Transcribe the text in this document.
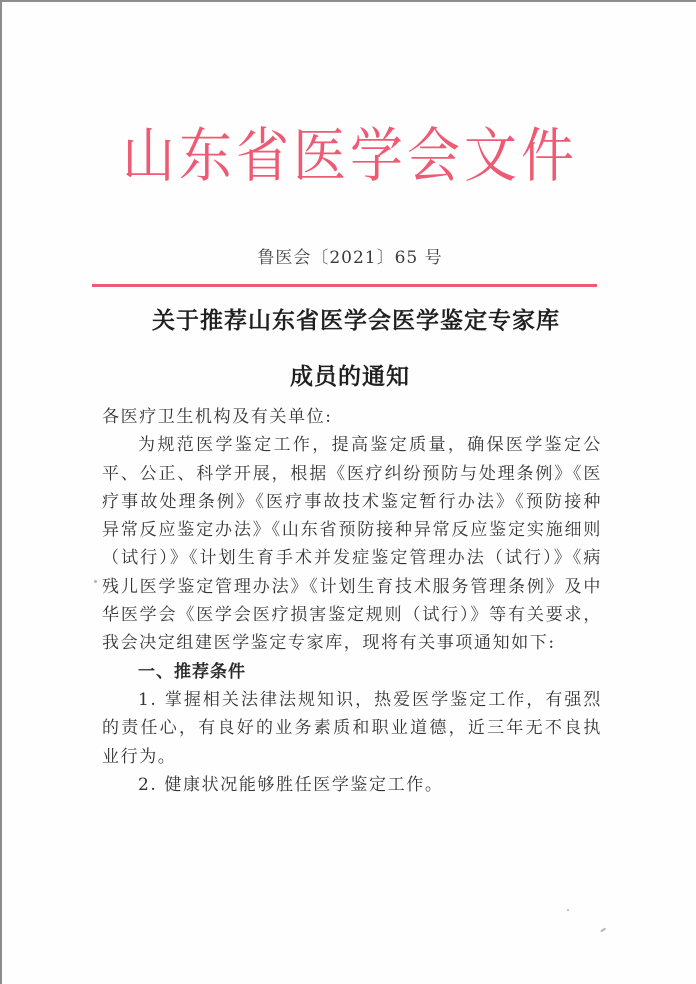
山东省医学会文件
鲁医会〔2021〕65 号
关于推荐山东省医学会医学鉴定专家库
成员的通知

各医疗卫生机构及有关单位:

为规范医学鉴定工作，提高鉴定质量，确保医学鉴定公平、公正、科学开展，根据《医疗纠纷预防与处理条例》《医疗事故处理条例》《医疗事故技术鉴定暂行办法》《预防接种异常反应鉴定办法》《山东省预防接种异常反应鉴定实施细则（试行）》《计划生育手术并发症鉴定管理办法（试行）》《病残儿医学鉴定管理办法》《计划生育技术服务管理条例》及中华医学会《医学会医疗损害鉴定规则（试行）》等有关要求，我会决定组建医学鉴定专家库，现将有关事项通知如下:

一、推荐条件

1. 掌握相关法律法规知识，热爱医学鉴定工作，有强烈的责任心，有良好的业务素质和职业道德，近三年无不良执业行为。

2. 健康状况能够胜任医学鉴定工作。
